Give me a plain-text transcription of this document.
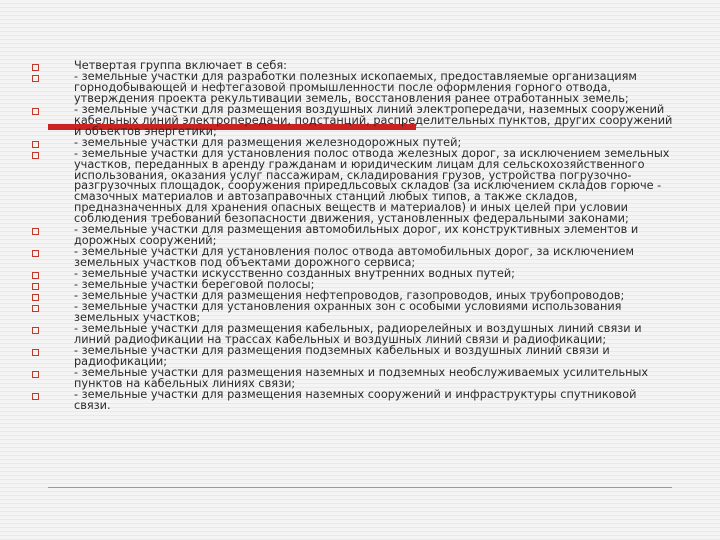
Четвертая группа включает в себя:

- земельные участки для разработки полезных ископаемых, предоставляемые организациям горнодобывающей и нефтегазовой промышленности после оформления горного отвода, утверждения проекта рекультивации земель, восстановления ранее отработанных земель;

- земельные участки для размещения воздушных линий электропередачи, наземных сооружений кабельных линий электропередачи, подстанций, распределительных пунктов, других сооружений и объектов энергетики;

- земельные участки для размещения железнодорожных путей;

- земельные участки для установления полос отвода железных дорог, за исключением земельных участков, переданных в аренду гражданам и юридическим лицам для сельскохозяйственного использования, оказания услуг пассажирам, складирования грузов, устройства погрузочно-разгрузочных площадок, сооружения приредльсовых складов (за исключением складов горюче - смазочных материалов и автозаправочных станций любых типов, а также складов, предназначенных для хранения опасных веществ и материалов) и иных целей при условии соблюдения требований безопасности движения, установленных федеральными законами;

- земельные участки для размещения автомобильных дорог, их конструктивных элементов и дорожных сооружений;

- земельные участки для установления полос отвода автомобильных дорог, за исключением земельных участков под объектами дорожного сервиса;

- земельные участки искусственно созданных внутренних водных путей;

- земельные участки береговой полосы;

- земельные участки для размещения нефтепроводов, газопроводов, иных трубопроводов;

- земельные участки для установления охранных зон с особыми условиями использования земельных участков;

- земельные участки для размещения кабельных, радиорелейных и воздушных линий связи и линий радиофикации на трассах кабельных и воздушных линий связи и радиофикации;

- земельные участки для размещения подземных кабельных и воздушных линий связи и радиофикации;

- земельные участки для размещения наземных и подземных необслуживаемых усилительных пунктов на кабельных линиях связи;

- земельные участки для размещения наземных сооружений и инфраструктуры спутниковой связи.
